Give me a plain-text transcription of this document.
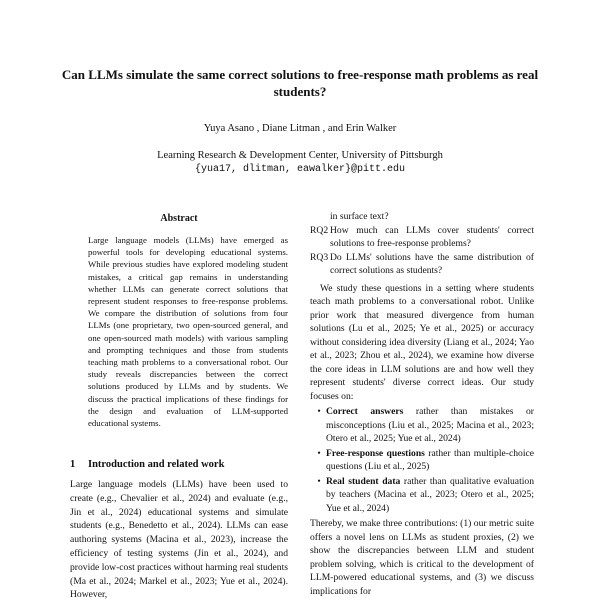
Can LLMs simulate the same correct solutions to free-response math problems as real students?
Yuya Asano , Diane Litman , and Erin Walker
Learning Research & Development Center, University of Pittsburgh
{yua17, dlitman, eawalker}@pitt.edu
Abstract

Large language models (LLMs) have emerged as powerful tools for developing educational systems. While previous studies have explored modeling student mistakes, a critical gap remains in understanding whether LLMs can generate correct solutions that represent student responses to free-response problems. We compare the distribution of solutions from four LLMs (one proprietary, two open-sourced general, and one open-sourced math models) with various sampling and prompting techniques and those from students teaching math problems to a conversational robot. Our study reveals discrepancies between the correct solutions produced by LLMs and by students. We discuss the practical implications of these findings for the design and evaluation of LLM-supported educational systems.

1 Introduction and related work

Large language models (LLMs) have been used to create (e.g., Chevalier et al., 2024) and evaluate (e.g., Jin et al., 2024) educational systems and simulate students (e.g., Benedetto et al., 2024). LLMs can ease authoring systems (Macina et al., 2023), increase the efficiency of testing systems (Jin et al., 2024), and provide low-cost practices without harming real students (Ma et al., 2024; Markel et al., 2023; Yue et al., 2024). However,

in surface text?

RQ2 How much can LLMs cover students' correct solutions to free-response problems?
RQ3 Do LLMs' solutions have the same distribution of correct solutions as students?

We study these questions in a setting where students teach math problems to a conversational robot. Unlike prior work that measured divergence from human solutions (Lu et al., 2025; Ye et al., 2025) or accuracy without considering idea diversity (Liang et al., 2024; Yao et al., 2023; Zhou et al., 2024), we examine how diverse the core ideas in LLM solutions are and how well they represent students' diverse correct ideas. Our study focuses on:

• Correct answers rather than mistakes or misconceptions (Liu et al., 2025; Macina et al., 2023; Otero et al., 2025; Yue et al., 2024)
• Free-response questions rather than multiple-choice questions (Liu et al., 2025)
• Real student data rather than qualitative evaluation by teachers (Macina et al., 2023; Otero et al., 2025; Yue et al., 2024)

Thereby, we make three contributions: (1) our metric suite offers a novel lens on LLMs as student proxies, (2) we show the discrepancies between LLM and student problem solving, which is critical to the development of LLM-powered educational systems, and (3) we discuss implications for
